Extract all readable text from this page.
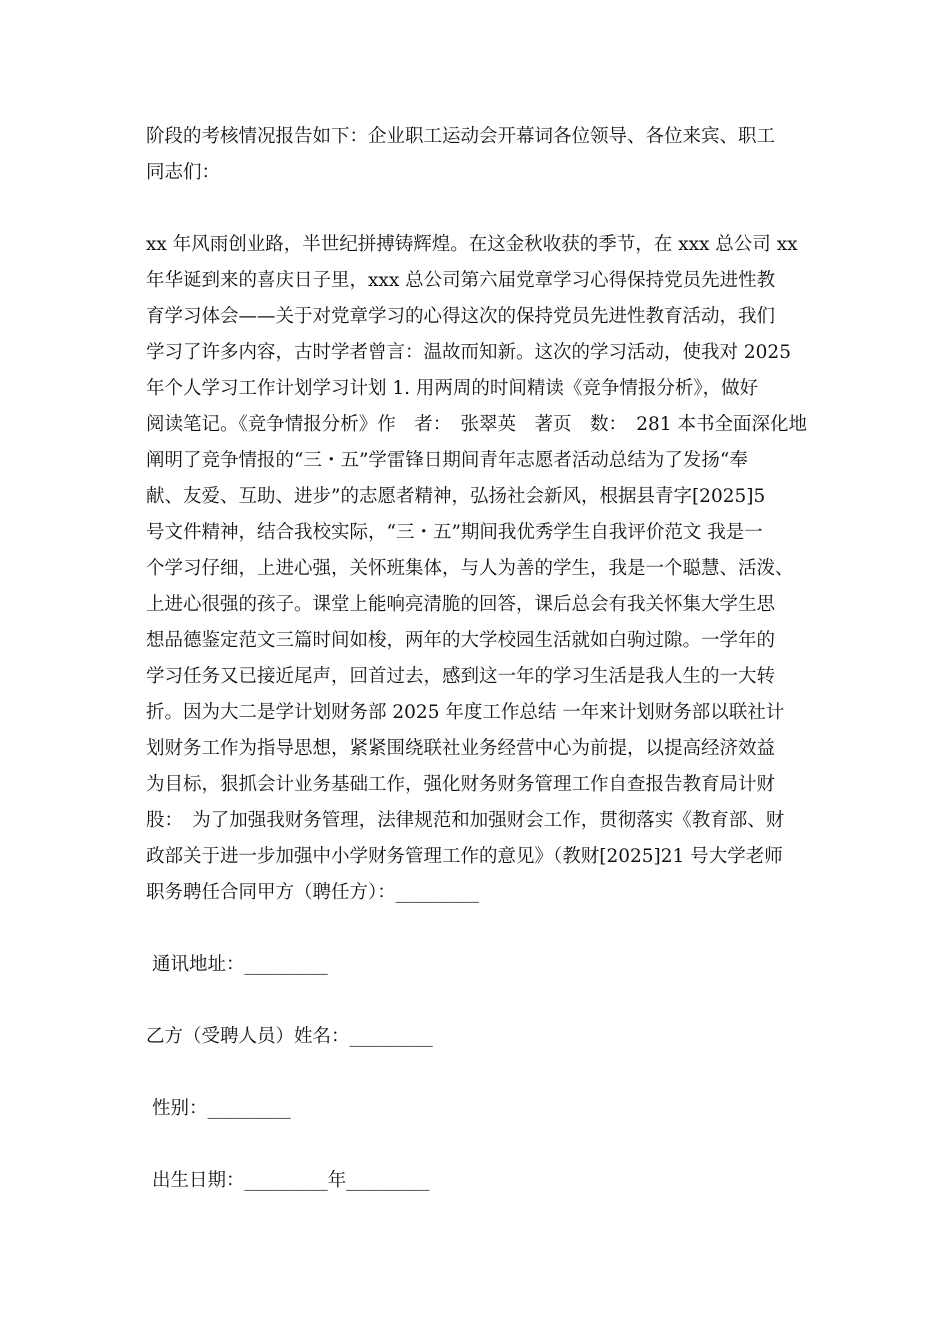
阶段的考核情况报告如下：企业职工运动会开幕词各位领导、各位来宾、职工
同志们：
xx 年风雨创业路，半世纪拼搏铸辉煌。在这金秋收获的季节，在 xxx 总公司 xx
年华诞到来的喜庆日子里，xxx 总公司第六届党章学习心得保持党员先进性教
育学习体会——关于对党章学习的心得这次的保持党员先进性教育活动，我们
学习了许多内容，古时学者曾言：温故而知新。这次的学习活动，使我对 2025
年个人学习工作计划学习计划 1. 用两周的时间精读《竞争情报分析》，做好
阅读笔记。《竞争情报分析》作　者：　张翠英　著页　数：　281 本书全面深化地
阐明了竞争情报的“三・五”学雷锋日期间青年志愿者活动总结为了发扬“奉
献、友爱、互助、进步”的志愿者精神，弘扬社会新风，根据县青字[2025]5
号文件精神，结合我校实际，“三・五”期间我优秀学生自我评价范文 我是一
个学习仔细，上进心强，关怀班集体，与人为善的学生，我是一个聪慧、活泼、
上进心很强的孩子。课堂上能响亮清脆的回答，课后总会有我关怀集大学生思
想品德鉴定范文三篇时间如梭，两年的大学校园生活就如白驹过隙。一学年的
学习任务又已接近尾声，回首过去，感到这一年的学习生活是我人生的一大转
折。因为大二是学计划财务部 2025 年度工作总结 一年来计划财务部以联社计
划财务工作为指导思想，紧紧围绕联社业务经营中心为前提，以提高经济效益
为目标，狠抓会计业务基础工作，强化财务财务管理工作自查报告教育局计财
股：　为了加强我财务管理，法律规范和加强财会工作，贯彻落实《教育部、财
政部关于进一步加强中小学财务管理工作的意见》（教财[2025]21 号大学老师
职务聘任合同甲方（聘任方）：_________
通讯地址：_________
乙方（受聘人员）姓名：_________
性别：_________
出生日期：_________年_________
